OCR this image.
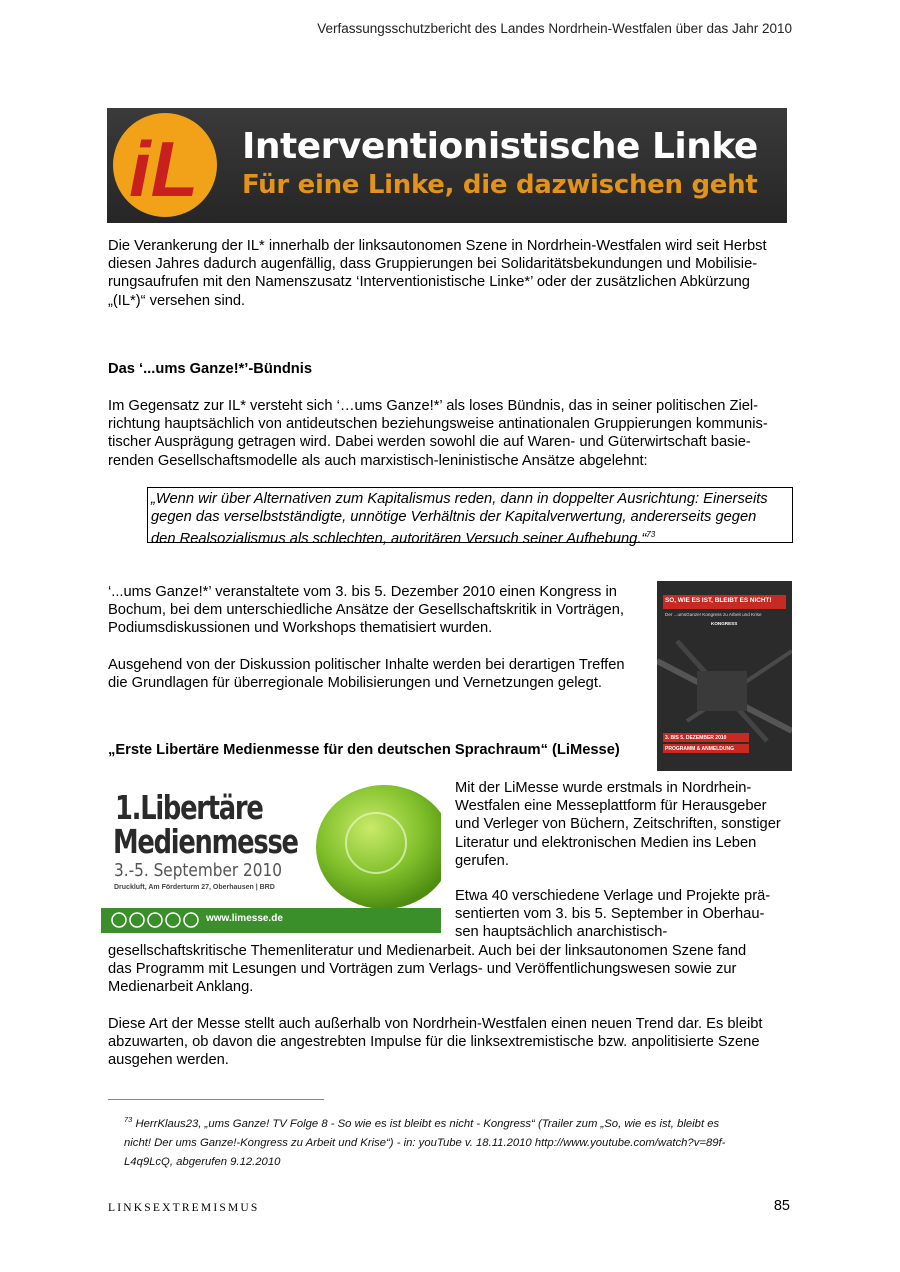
Verfassungsschutzbericht des Landes Nordrhein-Westfalen über das Jahr 2010
iL Interventionistische Linke
Für eine Linke, die dazwischen geht
Die Verankerung der IL* innerhalb der linksautonomen Szene in Nordrhein-Westfalen wird seit Herbst
diesen Jahres dadurch augenfällig, dass Gruppierungen bei Solidaritätsbekundungen und Mobilisie-
rungsaufrufen mit den Namenszusatz ‘Interventionistische Linke*’ oder der zusätzlichen Abkürzung
„(IL*)“ versehen sind.
Das ‘...ums Ganze!*’-Bündnis
Im Gegensatz zur IL* versteht sich ‘…ums Ganze!*’ als loses Bündnis, das in seiner politischen Ziel-
richtung hauptsächlich von antideutschen beziehungsweise antinationalen Gruppierungen kommunis-
tischer Ausprägung getragen wird. Dabei werden sowohl die auf Waren- und Güterwirtschaft basie-
renden Gesellschaftsmodelle als auch marxistisch-leninistische Ansätze abgelehnt:
„Wenn wir über Alternativen zum Kapitalismus reden, dann in doppelter Ausrichtung: Einerseits
gegen das verselbstständigte, unnötige Verhältnis der Kapitalverwertung, andererseits gegen
den Realsozialismus als schlechten, autoritären Versuch seiner Aufhebung.“$^{73}$
‘...ums Ganze!*’ veranstaltete vom 3. bis 5. Dezember 2010 einen Kongress in
Bochum, bei dem unterschiedliche Ansätze der Gesellschaftskritik in Vorträgen,
Podiumsdiskussionen und Workshops thematisiert wurden.
Ausgehend von der Diskussion politischer Inhalte werden bei derartigen Treffen
die Grundlagen für überregionale Mobilisierungen und Vernetzungen gelegt.
SO, WIE ES IST, BLEIBT ES NICHT!
Der ...umsGanze! Kongress zu Arbeit und Krise
KONGRESS
3. BIS 5. DEZEMBER 2010
PROGRAMM & ANMELDUNG
„Erste Libertäre Medienmesse für den deutschen Sprachraum“ (LiMesse)
1.Libertäre
Medienmesse
3.-5. September 2010
Druckluft, Am Förderturm 27, Oberhausen | BRD
www.limesse.de
Mit der LiMesse wurde erstmals in Nordrhein-
Westfalen eine Messeplattform für Herausgeber
und Verleger von Büchern, Zeitschriften, sonstiger
Literatur und elektronischen Medien ins Leben
gerufen.
Etwa 40 verschiedene Verlage und Projekte prä-
sentierten vom 3. bis 5. September in Oberhau-
sen hauptsächlich anarchistisch-
gesellschaftskritische Themenliteratur und Medienarbeit. Auch bei der linksautonomen Szene fand
das Programm mit Lesungen und Vorträgen zum Verlags- und Veröffentlichungswesen sowie zur
Medienarbeit Anklang.
Diese Art der Messe stellt auch außerhalb von Nordrhein-Westfalen einen neuen Trend dar. Es bleibt
abzuwarten, ob davon die angestrebten Impulse für die linksextremistische bzw. anpolitisierte Szene
ausgehen werden.
$^{73}$ HerrKlaus23, „ums Ganze! TV Folge 8 - So wie es ist bleibt es nicht - Kongress“ (Trailer zum „So, wie es ist, bleibt es
nicht! Der ums Ganze!-Kongress zu Arbeit und Krise“) - in: youTube v. 18.11.2010 http://www.youtube.com/watch?v=89f-
L4q9LcQ, abgerufen 9.12.2010
LINKSEXTREMISMUS	85
